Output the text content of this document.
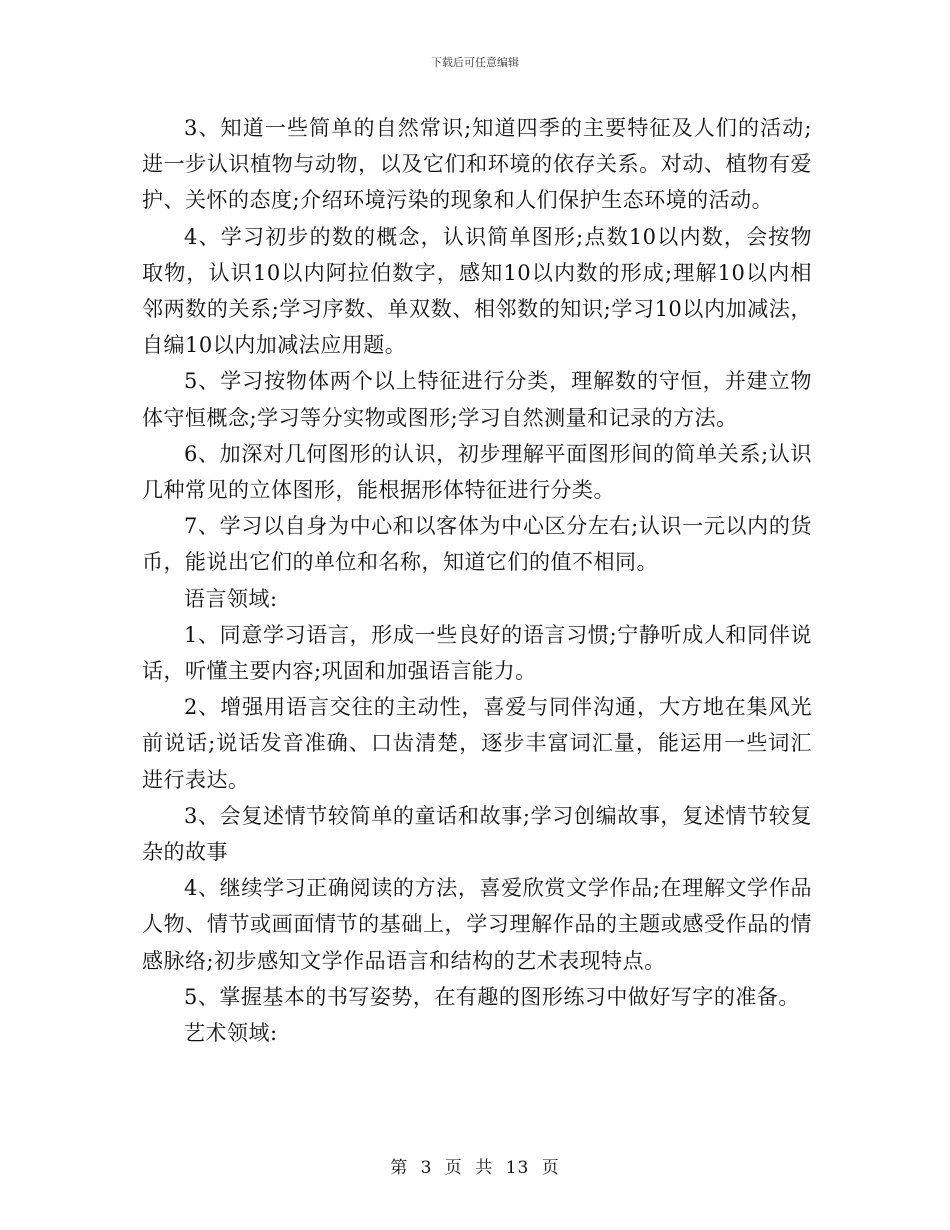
下载后可任意编辑

3、知道一些简单的自然常识;知道四季的主要特征及人们的活动;进一步认识植物与动物，以及它们和环境的依存关系。对动、植物有爱护、关怀的态度;介绍环境污染的现象和人们保护生态环境的活动。

4、学习初步的数的概念，认识简单图形;点数10以内数，会按物取物，认识10以内阿拉伯数字，感知10以内数的形成;理解10以内相邻两数的关系;学习序数、单双数、相邻数的知识;学习10以内加减法，自编10以内加减法应用题。

5、学习按物体两个以上特征进行分类，理解数的守恒，并建立物体守恒概念;学习等分实物或图形;学习自然测量和记录的方法。

6、加深对几何图形的认识，初步理解平面图形间的简单关系;认识几种常见的立体图形，能根据形体特征进行分类。

7、学习以自身为中心和以客体为中心区分左右;认识一元以内的货币，能说出它们的单位和名称，知道它们的值不相同。

语言领域:

1、同意学习语言，形成一些良好的语言习惯;宁静听成人和同伴说话，听懂主要内容;巩固和加强语言能力。

2、增强用语言交往的主动性，喜爱与同伴沟通，大方地在集风光前说话;说话发音准确、口齿清楚，逐步丰富词汇量，能运用一些词汇进行表达。

3、会复述情节较简单的童话和故事;学习创编故事，复述情节较复杂的故事

4、继续学习正确阅读的方法，喜爱欣赏文学作品;在理解文学作品人物、情节或画面情节的基础上，学习理解作品的主题或感受作品的情感脉络;初步感知文学作品语言和结构的艺术表现特点。

5、掌握基本的书写姿势，在有趣的图形练习中做好写字的准备。

艺术领域:

第 3 页 共 13 页
